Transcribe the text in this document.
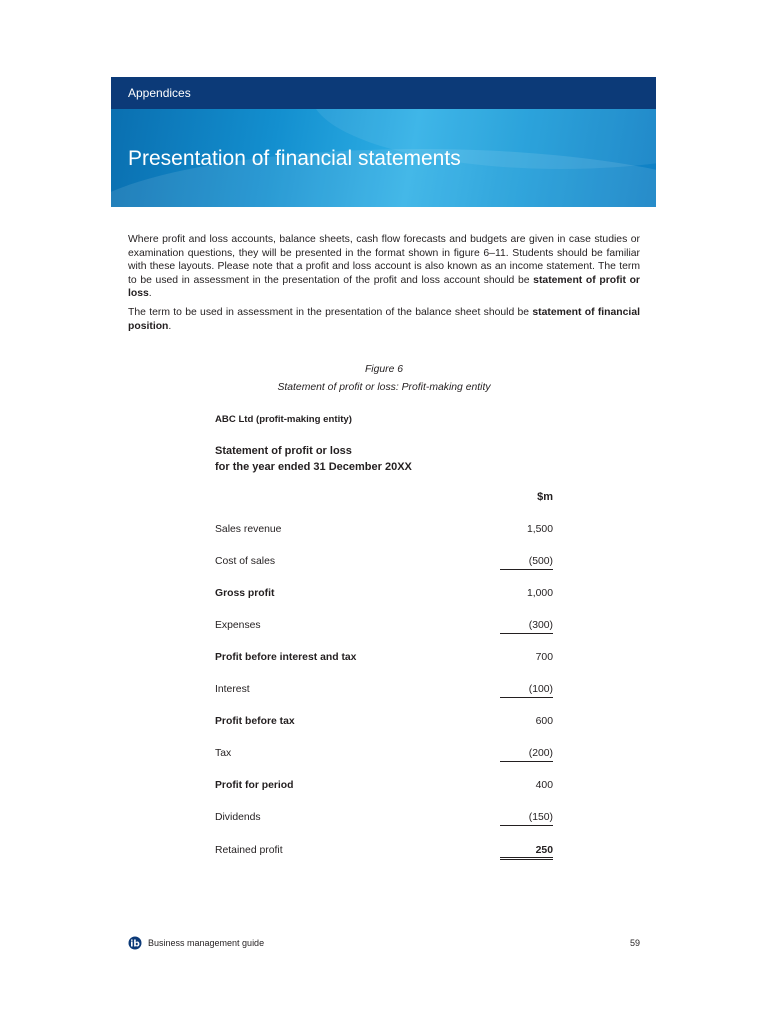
Appendices
Presentation of financial statements

Where profit and loss accounts, balance sheets, cash flow forecasts and budgets are given in case studies or examination questions, they will be presented in the format shown in figure 6–11. Students should be familiar with these layouts. Please note that a profit and loss account is also known as an income statement. The term to be used in assessment in the presentation of the profit and loss account should be statement of profit or loss.

The term to be used in assessment in the presentation of the balance sheet should be statement of financial position.

Figure 6
Statement of profit or loss: Profit-making entity
ABC Ltd (profit-making entity)
Statement of profit or loss
for the year ended 31 December 20XX
$m
Sales revenue	1,500
Cost of sales	(500)
Gross profit	1,000
Expenses	(300)
Profit before interest and tax	700
Interest	(100)
Profit before tax	600
Tax	(200)
Profit for period	400
Dividends	(150)
Retained profit	250
ib Business management guide	59
